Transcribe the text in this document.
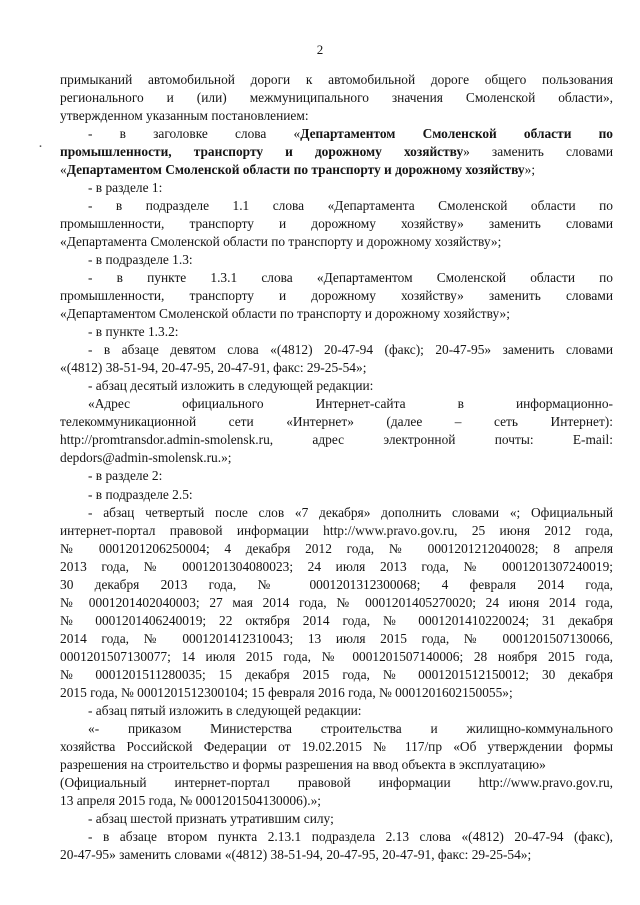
2
·
примыканий автомобильной дороги к автомобильной дороге общего пользования
регионального и (или) межмуниципального значения Смоленской области»,
утвержденном указанным постановлением:
- в заголовке слова «Департаментом Смоленской области по
промышленности, транспорту и дорожному хозяйству» заменить словами
«Департаментом Смоленской области по транспорту и дорожному хозяйству»;
- в разделе 1:
- в подразделе 1.1 слова «Департамента Смоленской области по
промышленности, транспорту и дорожному хозяйству» заменить словами
«Департамента Смоленской области по транспорту и дорожному хозяйству»;
- в подразделе 1.3:
- в пункте 1.3.1 слова «Департаментом Смоленской области по
промышленности, транспорту и дорожному хозяйству» заменить словами
«Департаментом Смоленской области по транспорту и дорожному хозяйству»;
- в пункте 1.3.2:
- в абзаце девятом слова «(4812) 20-47-94 (факс); 20-47-95» заменить словами
«(4812) 38-51-94, 20-47-95, 20-47-91, факс: 29-25-54»;
- абзац десятый изложить в следующей редакции:
«Адрес официального Интернет-сайта в информационно-
телекоммуникационной сети «Интернет» (далее – сеть Интернет):
http://promtransdor.admin-smolensk.ru, адрес электронной почты: E-mail:
depdors@admin-smolensk.ru.»;
- в разделе 2:
- в подразделе 2.5:
- абзац четвертый после слов «7 декабря» дополнить словами «; Официальный
интернет-портал правовой информации http://www.pravo.gov.ru, 25 июня 2012 года,
№ 0001201206250004; 4 декабря 2012 года, № 0001201212040028; 8 апреля
2013 года, № 0001201304080023; 24 июля 2013 года, № 0001201307240019;
30 декабря 2013 года, № 0001201312300068; 4 февраля 2014 года,
№ 0001201402040003; 27 мая 2014 года, № 0001201405270020; 24 июня 2014 года,
№ 0001201406240019; 22 октября 2014 года, № 0001201410220024; 31 декабря
2014 года, № 0001201412310043; 13 июля 2015 года, № 0001201507130066,
0001201507130077; 14 июля 2015 года, № 0001201507140006; 28 ноября 2015 года,
№ 0001201511280035; 15 декабря 2015 года, № 0001201512150012; 30 декабря
2015 года, № 0001201512300104; 15 февраля 2016 года, № 0001201602150055»;
- абзац пятый изложить в следующей редакции:
«- приказом Министерства строительства и жилищно-коммунального
хозяйства Российской Федерации от 19.02.2015 № 117/пр «Об утверждении формы
разрешения на строительство и формы разрешения на ввод объекта в эксплуатацию»
(Официальный интернет-портал правовой информации http://www.pravo.gov.ru,
13 апреля 2015 года, № 0001201504130006).»;
- абзац шестой признать утратившим силу;
- в абзаце втором пункта 2.13.1 подраздела 2.13 слова «(4812) 20-47-94 (факс),
20-47-95» заменить словами «(4812) 38-51-94, 20-47-95, 20-47-91, факс: 29-25-54»;
